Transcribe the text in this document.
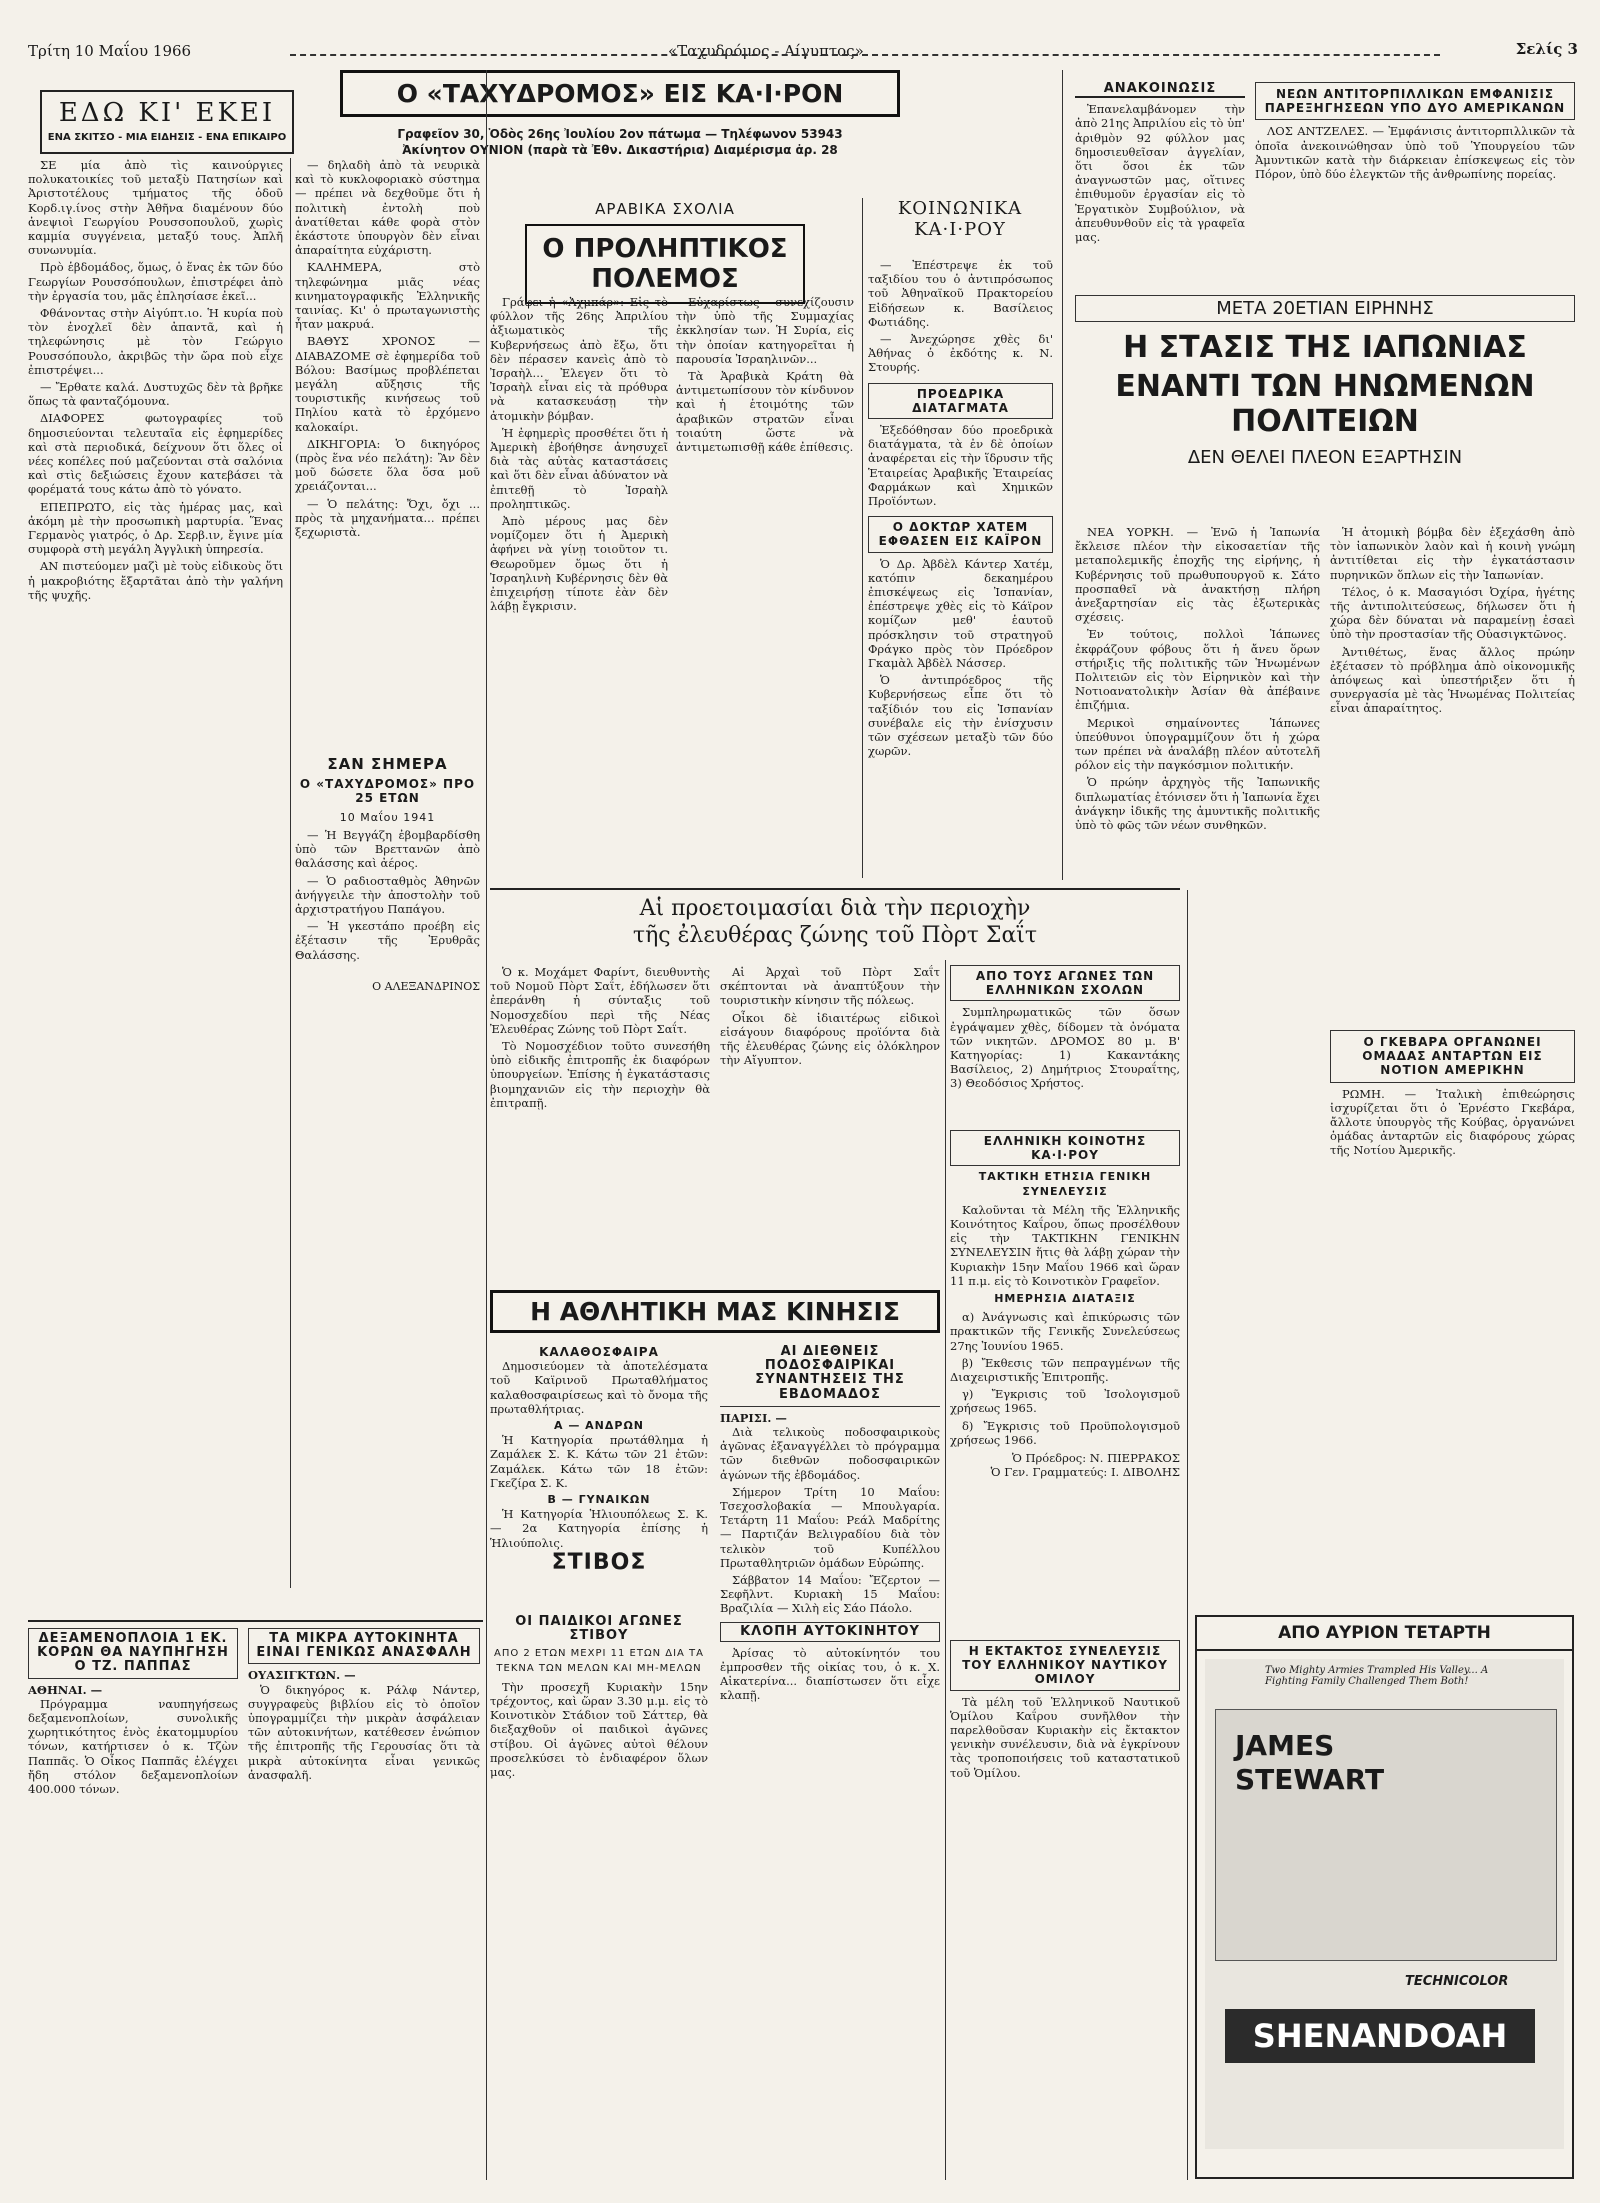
Τρίτη 10 Μαΐου 1966	«Ταχυδρόμος - Αίγυπτος»	Σελίς 3
ΕΔΩ ΚΙ' ΕΚΕΙ
ΕΝΑ ΣΚΙΤΣΟ - ΜΙΑ ΕΙΔΗΣΙΣ - ΕΝΑ ΕΠΙΚΑΙΡΟ

ΣΕ μία ἀπὸ τὶς καινούργιες πολυκατοικίες τοῦ μεταξὺ Πατησίων καὶ Ἀριστοτέλους τμήματος τῆς ὁδοῦ Κορδ.ιγ.ίνος στὴν Ἀθῆνα διαμένουν δύο ἀνεψιοὶ Γεωργίου Ρουσσοπουλοῦ, χωρὶς καμμία συγγένεια, μεταξύ τους. Ἀπλῆ συνωνυμία.

Πρὸ ἑβδομάδος, ὅμως, ὁ ἕνας ἐκ τῶν δύο Γεωργίων Ρουσσόπουλων, ἐπιστρέφει ἀπὸ τὴν ἐργασία του, μᾶς ἐπλησίασε ἐκεῖ...

Φθάνοντας στὴν Αἰγύπτ.ιο. Ἡ κυρία ποὺ τὸν ἐνοχλεῖ δὲν ἀπαντᾶ, καὶ ἡ τηλεφώνησις μὲ τὸν Γεώργιο Ρουσσόπουλο, ἀκριβῶς τὴν ὥρα ποὺ εἶχε ἐπιστρέψει...

— Ἔρθατε καλά. Δυστυχῶς δὲν τὰ βρῆκε ὅπως τὰ φανταζόμουνα.

ΔΙΑΦΟΡΕΣ φωτογραφίες τοῦ δημοσιεύονται τελευταῖα εἰς ἐφημερίδες καὶ στὰ περιοδικά, δείχνουν ὅτι ὅλες οἱ νέες κοπέλες πού μαζεύονται στὰ σαλόνια καὶ στὶς δεξιώσεις ἔχουν κατεβάσει τὰ φορέματά τους κάτω ἀπὸ τὸ γόνατο.

ΕΠΕΠΡΩΤΟ, εἰς τὰς ἡμέρας μας, καὶ ἀκόμη μὲ τὴν προσωπικὴ μαρτυρία. Ἕνας Γερμανὸς γιατρός, ὁ Δρ. Σερβ.ιν, ἔγινε μία συμφορὰ στὴ μεγάλη Ἀγγλικὴ ὑπηρεσία.

ΑΝ πιστεύομεν μαζὶ μὲ τοὺς εἰδικοὺς ὅτι ἡ μακροβιότης ἔξαρτᾶται ἀπὸ τὴν γαλήνη τῆς ψυχῆς.

— δηλαδὴ ἀπὸ τὰ νευρικὰ καὶ τὸ κυκλοφοριακὸ σύστημα — πρέπει νὰ δεχθοῦμε ὅτι ἡ πολιτικὴ ἐντολὴ ποὺ ἀνατίθεται κάθε φορὰ στὸν ἑκάστοτε ὑπουργὸν δὲν εἶναι ἀπαραίτητα εὐχάριστη.

ΚΑΛΗΜΕΡΑ, στὸ τηλεφώνημα μιᾶς νέας κινηματογραφικῆς Ἑλληνικῆς ταινίας. Κι' ὁ πρωταγωνιστὴς ἦταν μακρυά.

ΒΑΘΥΣ ΧΡΟΝΟΣ — ΔΙΑΒΑΖΟΜΕ σὲ ἐφημερίδα τοῦ Βόλου: Βασίμως προβλέπεται μεγάλη αὔξησις τῆς τουριστικῆς κινήσεως τοῦ Πηλίου κατὰ τὸ ἐρχόμενο καλοκαίρι.

ΔΙΚΗΓΟΡΙΑ: Ὁ δικηγόρος (πρὸς ἕνα νέο πελάτη): Ἂν δὲν μοῦ δώσετε ὅλα ὅσα μοῦ χρειάζονται...

— Ὁ πελάτης: Ὄχι, ὄχι ... πρὸς τὰ μηχανήματα... πρέπει ξεχωριστὰ.

ΣΑΝ ΣΗΜΕΡΑ
Ο «ΤΑΧΥΔΡΟΜΟΣ» ΠΡΟ 25 ΕΤΩΝ
10 Μαΐου 1941

— Ἡ Βεγγάζη ἐβομβαρδίσθη ὑπὸ τῶν Βρεττανῶν ἀπὸ θαλάσσης καὶ ἀέρος.

— Ὁ ραδιοσταθμὸς Ἀθηνῶν ἀνήγγειλε τὴν ἀποστολὴν τοῦ ἀρχιστρατήγου Παπάγου.

— Ἡ γκεστάπο προέβη εἰς ἐξέτασιν τῆς Ἐρυθρᾶς Θαλάσσης.

Ο ΑΛΕΞΑΝΔΡΙΝΟΣ
Ο «ΤΑΧΥΔΡΟΜΟΣ» ΕΙΣ ΚΑ·Ι·ΡΟΝ
Γραφεῖον 30, Ὁδὸς 26ης Ἰουλίου 2ον πάτωμα — Τηλέφωνον 53943
Ἀκίνητον ΟΥΝΙΟΝ (παρὰ τὰ Ἐθν. Δικαστήρια) Διαμέρισμα ἀρ. 28
ΑΡΑΒΙΚΑ ΣΧΟΛΙΑ
Ο ΠΡΟΛΗΠΤΙΚΟΣ ΠΟΛΕΜΟΣ

Γράφει ἡ «Ἀχμπάρ»: Εἰς τὸ φύλλον τῆς 26ης Ἀπριλίου ἀξιωματικὸς τῆς Κυβερνήσεως ἀπὸ ἔξω, ὅτι δὲν πέρασεν κανεὶς ἀπὸ τὸ Ἰσραὴλ... Ἐλεγεν ὅτι τὸ Ἰσραὴλ εἶναι εἰς τὰ πρόθυρα νὰ κατασκευάσῃ τὴν ἀτομικὴν βόμβαν.

Ἡ ἐφημερὶς προσθέτει ὅτι ἡ Ἀμερικὴ ἐβοήθησε ἀνησυχεῖ διὰ τὰς αὐτὰς καταστάσεις καὶ ὅτι δὲν εἶναι ἀδύνατον νὰ ἐπιτεθῇ τὸ Ἰσραὴλ προληπτικῶς.

Ἀπὸ μέρους μας δὲν νομίζομεν ὅτι ἡ Ἀμερικὴ ἀφήνει νὰ γίνῃ τοιοῦτον τι. Θεωροῦμεν ὅμως ὅτι ἡ Ἰσραηλινὴ Κυβέρνησις δὲν θὰ ἐπιχειρήσῃ τίποτε ἐὰν δὲν λάβῃ ἔγκρισιν.

Εὐχαρίστως συνεχίζουσιν τὴν ὑπὸ τῆς Συμμαχίας ἐκκλησίαν των. Ἡ Συρία, εἰς τὴν ὁποίαν κατηγορεῖται ἡ παρουσία Ἰσραηλινῶν...

Τὰ Ἀραβικὰ Κράτη θὰ ἀντιμετωπίσουν τὸν κίνδυνον καὶ ἡ ἑτοιμότης τῶν ἀραβικῶν στρατῶν εἶναι τοιαύτη ὥστε νὰ ἀντιμετωπισθῇ κάθε ἐπίθεσις.

Αἱ προετοιμασίαι διὰ τὴν περιοχὴν
τῆς ἐλευθέρας ζώνης τοῦ Πὸρτ Σαΐτ

Ὁ κ. Μοχάμετ Φαρίντ, διευθυντὴς τοῦ Νομοῦ Πὸρτ Σαΐτ, ἐδήλωσεν ὅτι ἐπεράνθη ἡ σύνταξις τοῦ Νομοσχεδίου περὶ τῆς Νέας Ἐλευθέρας Ζώνης τοῦ Πὸρτ Σαΐτ.

Τὸ Νομοσχέδιον τοῦτο συνεσήθη ὑπὸ εἰδικῆς ἐπιτροπῆς ἐκ διαφόρων ὑπουργείων. Ἐπίσης ἡ ἐγκατάστασις βιομηχανιῶν εἰς τὴν περιοχὴν θὰ ἐπιτραπῇ.

Αἱ Ἀρχαὶ τοῦ Πὸρτ Σαΐτ σκέπτονται νὰ ἀναπτύξουν τὴν τουριστικὴν κίνησιν τῆς πόλεως.

Οἶκοι δὲ ἰδιαιτέρως εἰδικοὶ εἰσάγουν διαφόρους προϊόντα διὰ τῆς ἐλευθέρας ζώνης εἰς ὁλόκληρον τὴν Αἴγυπτον.

Η ΑΘΛΗΤΙΚΗ ΜΑΣ ΚΙΝΗΣΙΣ
ΚΑΛΑΘΟΣΦΑΙΡΑ

Δημοσιεύομεν τὰ ἀποτελέσματα τοῦ Καϊρινοῦ Πρωταθλήματος καλαθοσφαιρίσεως καὶ τὸ ὄνομα τῆς πρωταθλήτριας.

Α — ΑΝΔΡΩΝ

Ἡ Κατηγορία πρωτάθλημα ἡ Ζαμάλεκ Σ. Κ. Κάτω τῶν 21 ἐτῶν: Ζαμάλεκ. Κάτω τῶν 18 ἐτῶν: Γκεζίρα Σ. Κ.

Β — ΓΥΝΑΙΚΩΝ

Ἡ Κατηγορία Ἡλιουπόλεως Σ. Κ. — 2α Κατηγορία ἐπίσης ἡ Ἡλιούπολις.

ΣΤΙΒΟΣ
ΟΙ ΠΑΙΔΙΚΟΙ ΑΓΩΝΕΣ ΣΤΙΒΟΥ
ΑΠΟ 2 ΕΤΩΝ ΜΕΧΡΙ 11 ΕΤΩΝ ΔΙΑ ΤΑ ΤΕΚΝΑ ΤΩΝ ΜΕΛΩΝ ΚΑΙ ΜΗ-ΜΕΛΩΝ

Τὴν προσεχῆ Κυριακὴν 15ην τρέχοντος, καὶ ὥραν 3.30 μ.μ. εἰς τὸ Κοινοτικὸν Στάδιον τοῦ Σάττερ, θὰ διεξαχθοῦν οἱ παιδικοὶ ἀγῶνες στίβου. Οἱ ἀγῶνες αὐτοὶ θέλουν προσελκύσει τὸ ἐνδιαφέρον ὅλων μας.

ΑΙ ΔΙΕΘΝΕΙΣ ΠΟΔΟΣΦΑΙΡΙΚΑΙ ΣΥΝΑΝΤΗΣΕΙΣ ΤΗΣ ΕΒΔΟΜΑΔΟΣ
ΠΑΡΙΣΙ. —

Διὰ τελικοὺς ποδοσφαιρικοὺς ἀγῶνας ἐξαναγγέλλει τὸ πρόγραμμα τῶν διεθνῶν ποδοσφαιρικῶν ἀγώνων τῆς ἑβδομάδος.

Σήμερον Τρίτη 10 Μαΐου: Τσεχοσλοβακία — Μπουλγαρία. Τετάρτη 11 Μαΐου: Ρεάλ Μαδρίτης — Παρτιζάν Βελιγραδίου διὰ τὸν τελικὸν τοῦ Κυπέλλου Πρωταθλητριῶν ὁμάδων Εὐρώπης.

Σάββατον 14 Μαΐου: Ἔζερτον — Σεφῆλντ. Κυριακὴ 15 Μαΐου: Βραζιλία — Χιλὴ εἰς Σάο Πάολο.

ΚΛΟΠΗ ΑΥΤΟΚΙΝΗΤΟΥ

Ἀρίσας τὸ αὐτοκίνητόν του ἐμπροσθεν τῆς οἰκίας του, ὁ κ. Χ. Αἰκατερίνα... διαπίστωσεν ὅτι εἶχε κλαπῇ.

ΚΟΙΝΩΝΙΚΑ ΚΑ·Ι·ΡΟΥ

— Ἐπέστρεψε ἐκ τοῦ ταξιδίου του ὁ ἀντιπρόσωπος τοῦ Ἀθηναϊκοῦ Πρακτορείου Εἰδήσεων κ. Βασίλειος Φωτιάδης.

— Ἀνεχώρησε χθὲς δι' Ἀθήνας ὁ ἐκδότης κ. Ν. Στουρής.

ΠΡΟΕΔΡΙΚΑ ΔΙΑΤΑΓΜΑΤΑ

Ἐξεδόθησαν δύο προεδρικὰ διατάγματα, τὰ ἐν δὲ ὁποίων ἀναφέρεται εἰς τὴν ἵδρυσιν τῆς Ἑταιρείας Ἀραβικῆς Ἐταιρείας Φαρμάκων καὶ Χημικῶν Προϊόντων.

Ο ΔΟΚΤΩΡ ΧΑΤΕΜ ΕΦΘΑΣΕΝ ΕΙΣ ΚΑΪΡΟΝ

Ὁ Δρ. Ἀβδὲλ Κάντερ Χατέμ, κατόπιν δεκαημέρου ἐπισκέψεως εἰς Ἰσπανίαν, ἐπέστρεψε χθὲς εἰς τὸ Κάϊρον κομίζων μεθ' ἑαυτοῦ πρόσκλησιν τοῦ στρατηγοῦ Φράγκο πρὸς τὸν Πρόεδρον Γκαμὰλ Ἀβδὲλ Νάσσερ.

Ὁ ἀντιπρόεδρος τῆς Κυβερνήσεως εἶπε ὅτι τὸ ταξίδιόν του εἰς Ἰσπανίαν συνέβαλε εἰς τὴν ἐνίσχυσιν τῶν σχέσεων μεταξὺ τῶν δύο χωρῶν.

ΑΠΟ ΤΟΥΣ ΑΓΩΝΕΣ ΤΩΝ ΕΛΛΗΝΙΚΩΝ ΣΧΟΛΩΝ

Συμπληρωματικῶς τῶν ὅσων ἐγράψαμεν χθὲς, δίδομεν τὰ ὀνόματα τῶν νικητῶν. ΔΡΟΜΟΣ 80 μ. Β' Κατηγορίας: 1) Κακαντάκης Βασίλειος, 2) Δημήτριος Στουραΐτης, 3) Θεοδόσιος Χρήστος.

ΕΛΛΗΝΙΚΗ ΚΟΙΝΟΤΗΣ ΚΑ·Ι·ΡΟΥ
ΤΑΚΤΙΚΗ ΕΤΗΣΙΑ ΓΕΝΙΚΗ ΣΥΝΕΛΕΥΣΙΣ

Καλοῦνται τὰ Μέλη τῆς Ἑλληνικῆς Κοινότητος Καΐρου, ὅπως προσέλθουν εἰς τὴν ΤΑΚΤΙΚΗΝ ΓΕΝΙΚΗΝ ΣΥΝΕΛΕΥΣΙΝ ἥτις θὰ λάβῃ χώραν τὴν Κυριακὴν 15ην Μαΐου 1966 καὶ ὥραν 11 π.μ. εἰς τὸ Κοινοτικὸν Γραφεῖον.

ΗΜΕΡΗΣΙΑ ΔΙΑΤΑΞΙΣ

α) Ἀνάγνωσις καὶ ἐπικύρωσις τῶν πρακτικῶν τῆς Γενικῆς Συνελεύσεως 27ης Ἰουνίου 1965.

β) Ἔκθεσις τῶν πεπραγμένων τῆς Διαχειριστικῆς Ἐπιτροπῆς.

γ) Ἔγκρισις τοῦ Ἰσολογισμοῦ χρήσεως 1965.

δ) Ἔγκρισις τοῦ Προϋπολογισμοῦ χρήσεως 1966.

Ὁ Πρόεδρος: Ν. ΠΙΕΡΡΑΚΟΣ
Ὁ Γεν. Γραμματεύς: Ι. ΔΙΒΟΛΗΣ
Η ΕΚΤΑΚΤΟΣ ΣΥΝΕΛΕΥΣΙΣ ΤΟΥ ΕΛΛΗΝΙΚΟΥ ΝΑΥΤΙΚΟΥ ΟΜΙΛΟΥ

Τὰ μέλη τοῦ Ἑλληνικοῦ Ναυτικοῦ Ὁμίλου Καΐρου συνῆλθον τὴν παρελθοῦσαν Κυριακὴν εἰς ἔκτακτον γενικὴν συνέλευσιν, διὰ νὰ ἐγκρίνουν τὰς τροποποιήσεις τοῦ καταστατικοῦ τοῦ Ὁμίλου.

ΑΝΑΚΟΙΝΩΣΙΣ

Ἐπανελαμβάνομεν τὴν ἀπὸ 21ης Ἀπριλίου εἰς τὸ ὑπ' ἀριθμὸν 92 φύλλον μας δημοσιευθεῖσαν ἀγγελίαν, ὅτι ὅσοι ἐκ τῶν ἀναγνωστῶν μας, οἵτινες ἐπιθυμοῦν ἐργασίαν εἰς τὸ Ἐργατικὸν Συμβούλιον, νὰ ἀπευθυνθοῦν εἰς τὰ γραφεῖα μας.

ΝΕΩΝ ΑΝΤΙΤΟΡΠΙΛΛΙΚΩΝ ΕΜΦΑΝΙΣΙΣ ΠΑΡΕΞΗΓΗΣΕΩΝ ΥΠΟ ΔΥΟ ΑΜΕΡΙΚΑΝΩΝ

ΛΟΣ ΑΝΤΖΕΛΕΣ. — Ἐμφάνισις ἀντιτορπιλλικῶν τὰ ὁποῖα ἀνεκοινώθησαν ὑπὸ τοῦ Ὑπουργείου τῶν Ἀμυντικῶν κατὰ τὴν διάρκειαν ἐπίσκεψεως εἰς τὸν Πόρον, ὑπὸ δύο ἐλεγκτῶν τῆς ἀνθρωπίνης πορείας.

ΜΕΤΑ 20ΕΤΙΑΝ ΕΙΡΗΝΗΣ
Η ΣΤΑΣΙΣ ΤΗΣ ΙΑΠΩΝΙΑΣ
ΕΝΑΝΤΙ ΤΩΝ ΗΝΩΜΕΝΩΝ ΠΟΛΙΤΕΙΩΝ
ΔΕΝ ΘΕΛΕΙ ΠΛΕΟΝ ΕΞΑΡΤΗΣΙΝ

ΝΕΑ ΥΟΡΚΗ. — Ἐνῶ ἡ Ἰαπωνία ἔκλεισε πλέον τὴν εἰκοσαετίαν τῆς μεταπολεμικῆς ἐποχῆς της εἰρήνης, ἡ Κυβέρνησις τοῦ πρωθυπουργοῦ κ. Σάτο προσπαθεῖ νὰ ἀνακτήσῃ πλήρη ἀνεξαρτησίαν εἰς τὰς ἐξωτερικὰς σχέσεις.

Ἐν τούτοις, πολλοὶ Ἰάπωνες ἐκφράζουν φόβους ὅτι ἡ ἄνευ ὅρων στήριξις τῆς πολιτικῆς τῶν Ἡνωμένων Πολιτειῶν εἰς τὸν Εἰρηνικὸν καὶ τὴν Νοτιοανατολικὴν Ἀσίαν θὰ ἀπέβαινε ἐπιζήμια.

Μερικοὶ σημαίνοντες Ἰάπωνες ὑπεύθυνοι ὑπογραμμίζουν ὅτι ἡ χώρα των πρέπει νὰ ἀναλάβῃ πλέον αὐτοτελῆ ρόλον εἰς τὴν παγκόσμιον πολιτικήν.

Ὁ πρώην ἀρχηγὸς τῆς Ἰαπωνικῆς διπλωματίας ἐτόνισεν ὅτι ἡ Ἰαπωνία ἔχει ἀνάγκην ἰδικῆς της ἀμυντικῆς πολιτικῆς ὑπὸ τὸ φῶς τῶν νέων συνθηκῶν.

Ἡ ἀτομικὴ βόμβα δὲν ἐξεχάσθη ἀπὸ τὸν ἰαπωνικὸν λαὸν καὶ ἡ κοινὴ γνώμη ἀντιτίθεται εἰς τὴν ἐγκατάστασιν πυρηνικῶν ὅπλων εἰς τὴν Ἰαπωνίαν.

Τέλος, ὁ κ. Μασαγιόσι Ὀχίρα, ἡγέτης τῆς ἀντιπολιτεύσεως, δήλωσεν ὅτι ἡ χώρα δὲν δύναται νὰ παραμείνῃ ἐσαεὶ ὑπὸ τὴν προστασίαν τῆς Οὐασιγκτῶνος.

Ἀντιθέτως, ἕνας ἄλλος πρώην ἐξέτασεν τὸ πρόβλημα ἀπὸ οἰκονομικῆς ἀπόψεως καὶ ὑπεστήριξεν ὅτι ἡ συνεργασία μὲ τὰς Ἡνωμένας Πολιτείας εἶναι ἀπαραίτητος.

Ο ΓΚΕΒΑΡΑ ΟΡΓΑΝΩΝΕΙ ΟΜΑΔΑΣ ΑΝΤΑΡΤΩΝ ΕΙΣ ΝΟΤΙΟΝ ΑΜΕΡΙΚΗΝ

ΡΩΜΗ. — Ἰταλικὴ ἐπιθεώρησις ἰσχυρίζεται ὅτι ὁ Ἐρνέστο Γκεβάρα, ἄλλοτε ὑπουργὸς τῆς Κούβας, ὀργανώνει ὁμάδας ἀνταρτῶν εἰς διαφόρους χώρας τῆς Νοτίου Ἀμερικῆς.

ΑΠΟ ΑΥΡΙΟΝ ΤΕΤΑΡΤΗ
Two Mighty Armies Trampled His Valley... A Fighting Family Challenged Them Both!
JAMES
STEWART
TECHNICOLOR
SHENANDOAH
ΔΕΞΑΜΕΝΟΠΛΟΙΑ 1 ΕΚ. ΚΟΡΩΝ ΘΑ ΝΑΥΠΗΓΗΣΗ Ο ΤΖ. ΠΑΠΠΑΣ
ΑΘΗΝΑΙ. —

Πρόγραμμα ναυπηγήσεως δεξαμενοπλοίων, συνολικῆς χωρητικότητος ἑνὸς ἑκατομμυρίου τόνων, κατήρτισεν ὁ κ. Τζὼν Παππᾶς. Ὁ Οἶκος Παππᾶς ἐλέγχει ἤδη στόλον δεξαμενοπλοίων 400.000 τόνων.

ΤΑ ΜΙΚΡΑ ΑΥΤΟΚΙΝΗΤΑ ΕΙΝΑΙ ΓΕΝΙΚΩΣ ΑΝΑΣΦΑΛΗ
ΟΥΑΣΙΓΚΤΩΝ. —

Ὁ δικηγόρος κ. Ράλφ Νάντερ, συγγραφεὺς βιβλίου εἰς τὸ ὁποῖον ὑπογραμμίζει τὴν μικρὰν ἀσφάλειαν τῶν αὐτοκινήτων, κατέθεσεν ἐνώπιον τῆς ἐπιτροπῆς τῆς Γερουσίας ὅτι τὰ μικρὰ αὐτοκίνητα εἶναι γενικῶς ἀνασφαλῆ.
